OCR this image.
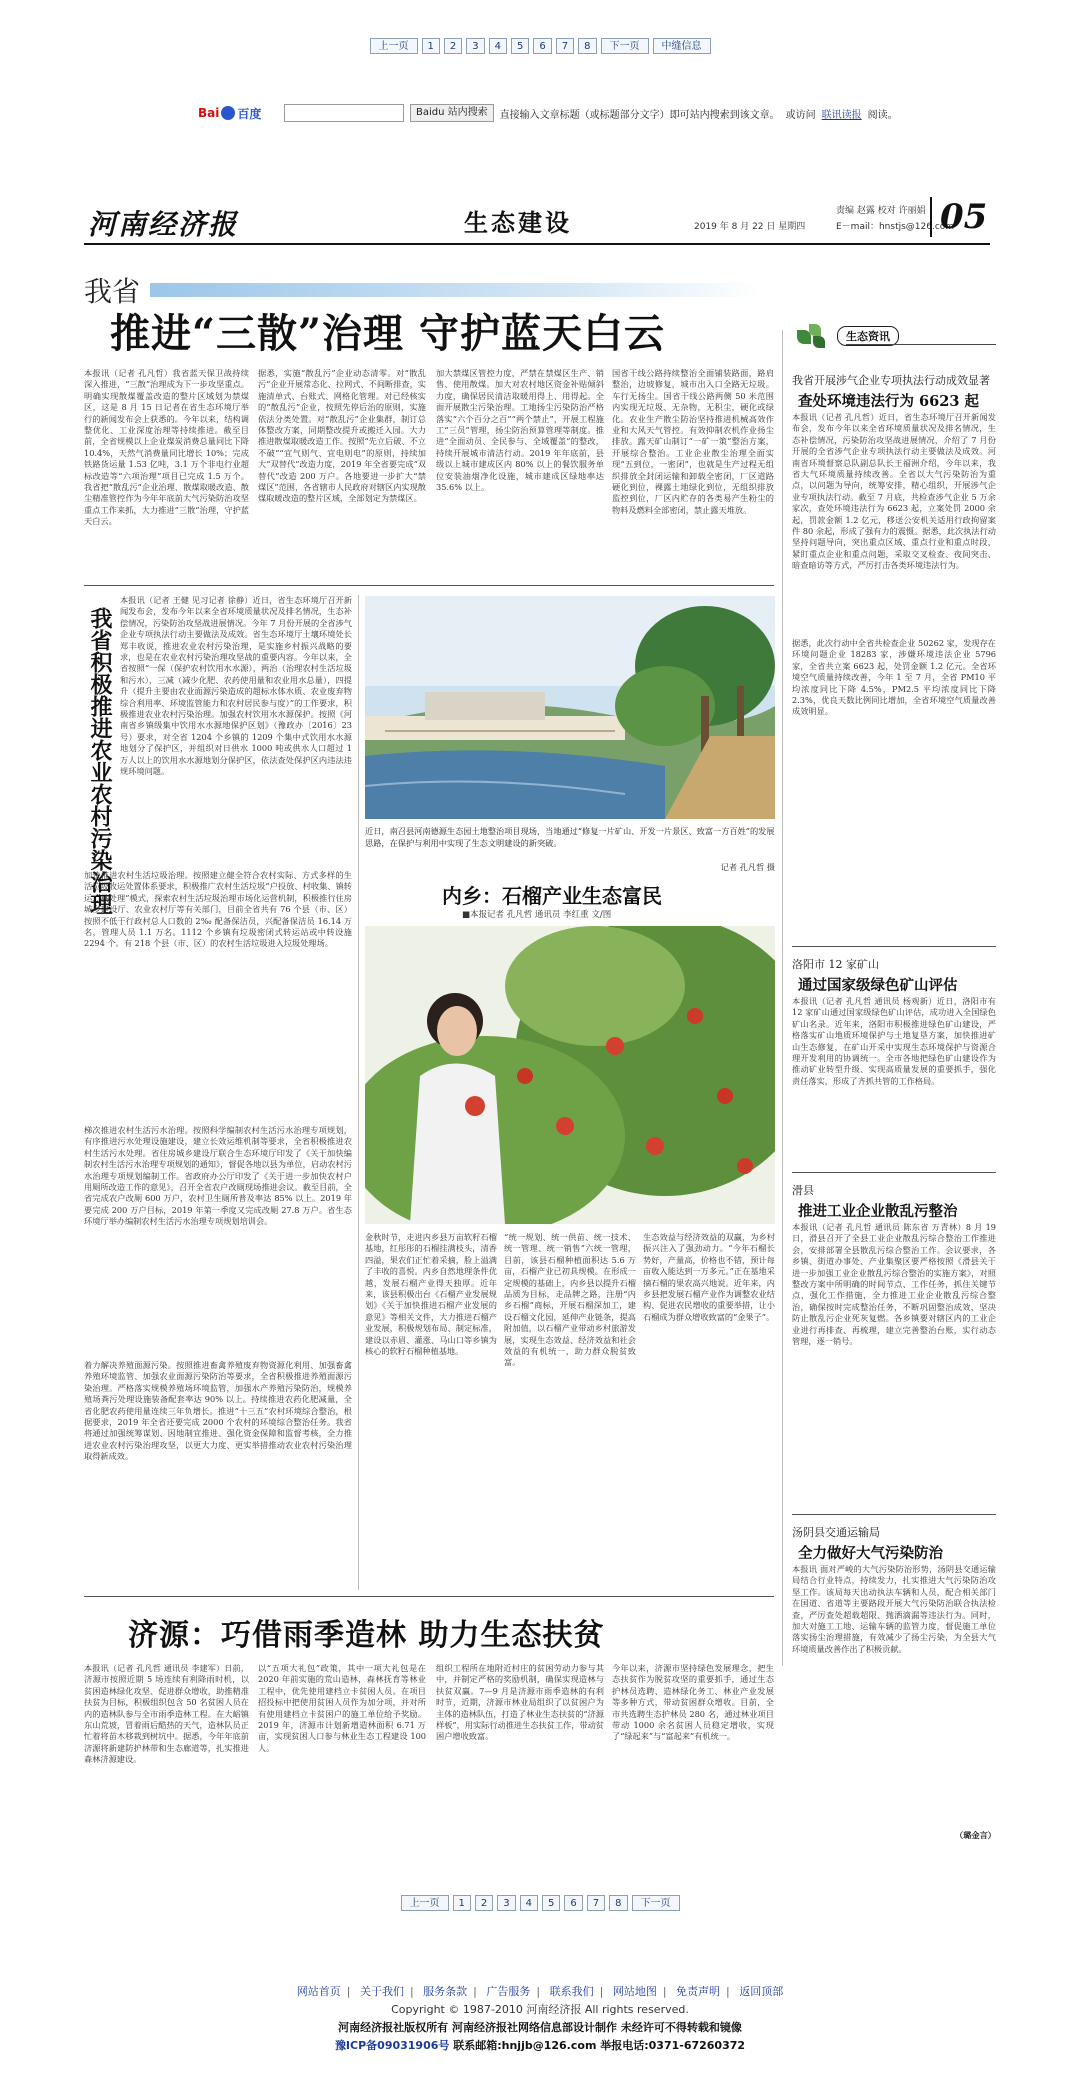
上一页	1	2	3	4	5	6	7	8	下一页	中缝信息
Bai 百度	Baidu 站内搜索	直接输入文章标题（或标题部分文字）即可站内搜索到该文章。 或访问 联讯读报 阅读。
河南经济报	生态建设	2019 年 8 月 22 日 星期四
责编 赵露 校对 许丽娟
E－mail：hnstjs@126.com
05
我省
推进“三散”治理 守护蓝天白云
本报讯（记者 孔凡哲）我省蓝天保卫战持续深入推进，“三散”治理成为下一步攻坚重点。明确实现散煤覆盖改造的整片区域划为禁煤区，这是 8 月 15 日记者在省生态环境厅举行的新闻发布会上获悉的。今年以来，结构调整优化、工业深度治理等持续推进。截至目前，全省规模以上企业煤炭消费总量同比下降 10.4%，天然气消费量同比增长 10%；完成铁路货运量 1.53 亿吨，3.1 万个非电行业超标改造等“六项治理”项目已完成 1.5 万个。我省把“散乱污”企业治理、散煤取暖改造、散尘精准管控作为今年年底前大气污染防治攻坚重点工作来抓，大力推进“三散”治理，守护蓝天白云。
据悉，实施“散乱污”企业动态清零。对“散乱污”企业开展常态化、拉网式、不间断排查，实施清单式、台账式、网格化管理。对已经核实的“散乱污”企业，按照先停后治的原则，实施依法分类处置。对“散乱污”企业集群，制订总体整改方案，同期整改提升或搬迁入园。大力推进散煤取暖改造工作。按照“先立后破、不立不破”“宜气则气、宜电则电”的原则，持续加大“双替代”改造力度，2019 年全省要完成“双替代”改造 200 万户。各地要进一步扩大“禁煤区”范围，各省辖市人民政府对辖区内实现散煤取暖改造的整片区域，全部划定为禁煤区。
加大禁煤区管控力度，严禁在禁煤区生产、销售、使用散煤。加大对农村地区资金补贴倾斜力度，确保居民清洁取暖用得上、用得起。全面开展散尘污染治理。工地扬尘污染防治严格落实“六个百分之百”“两个禁止”，开展工程施工“三员”管理，扬尘防治预算管理等制度。推进“全面动员、全民参与、全域覆盖”的整改，持续开展城市清洁行动。2019 年年底前，县级以上城市建成区内 80% 以上的餐饮服务单位安装油烟净化设施，城市建成区绿地率达 35.6% 以上。
国省干线公路持续整治全面铺装路面，路肩整治，边坡修复，城市出入口全路无垃圾。车行无扬尘。国省干线公路两侧 50 米范围内实现无垃圾、无杂物，无积尘，硬化或绿化。农业生产散尘防治坚持推进机械高效作业和大风天气管控。有效抑制农机作业扬尘排放。露天矿山制订“一矿一策”整治方案，开展综合整治。工业企业散尘治理全面实现“五到位，一密闭”，也就是生产过程无组织排放全封闭运输和卸载全密闭，厂区道路硬化到位，裸露土地绿化到位，无组织排放监控到位，厂区内贮存的各类易产生粉尘的物料及燃料全部密闭，禁止露天堆放。
我省积极推进农业农村污染治理
本报讯（记者 王健 见习记者 徐静）近日，省生态环境厅召开新闻发布会，发布今年以来全省环境质量状况及排名情况，生态补偿情况，污染防治攻坚战进展情况。今年 7 月份开展的全省涉气企业专项执法行动主要做法及成效。省生态环境厅土壤环境处长郑丰收说，推进农业农村污染治理，是实施乡村振兴战略的要求，也是在农业农村污染治理攻坚战的重要内容。今年以来，全省按照“一保（保护农村饮用水水源），两治（治理农村生活垃圾和污水），三减（减少化肥、农药使用量和农业用水总量），四提升（提升主要由农业面源污染造成的超标水体水质、农业废弃物综合利用率、环境监管能力和农村居民参与度）”的工作要求，积极推进农业农村污染治理。加强农村饮用水水源保护。按照《河南省乡镇级集中饮用水水源地保护区划》（豫政办〔2016〕23 号）要求，对全省 1204 个乡镇的 1209 个集中式饮用水水源地划分了保护区，并组织对日供水 1000 吨或供水人口超过 1 万人以上的饮用水水源地划分保护区，依法查处保护区内违法违规环境问题。
加快推进农村生活垃圾治理。按照建立健全符合农村实际、方式多样的生活垃圾收运处置体系要求，积极推广农村生活垃圾“户投放、村收集、镇转运、县处理”模式，探索农村生活垃圾治理市场化运营机制，积极推行住房城乡建设厅、农业农村厅等有关部门，目前全省共有 76 个县（市、区）按照不低于行政村总人口数的 2‰ 配备保洁员，兴配备保洁员 16.14 万名，管理人员 1.1 万名。1112 个乡镇有垃圾密闭式转运站或中转设施 2294 个。有 218 个县（市、区）的农村生活垃圾进入垃圾处理场。
梯次推进农村生活污水治理。按照科学编制农村生活污水治理专项规划，有序推进污水处理设施建设，建立长效运维机制等要求，全省积极推进农村生活污水处理。省住房城乡建设厅联合生态环境厅印发了《关于加快编制农村生活污水治理专项规划的通知》，督促各地以县为单位，启动农村污水治理专项规划编制工作。省政府办公厅印发了《关于进一步加快农村户用厕所改造工作的意见》，召开全省农户改厕现场推进会议。截至目前，全省完成农户改厕 600 万户，农村卫生厕所普及率达 85% 以上。2019 年要完成 200 万户目标，2019 年第一季度又完成改厕 27.8 万户。省生态环境厅举办编制农村生活污水治理专项规划培训会。
着力解决养殖面源污染。按照推进畜禽养殖废弃物资源化利用、加强畜禽养殖环境监管、加强农业面源污染防治等要求，全省积极推进养殖面源污染治理。严格落实规模养殖场环境监管，加强水产养殖污染防治，规模养殖场粪污处理设施装备配套率达 90% 以上。持续推进农药化肥减量，全省化肥农药使用量连续三年负增长。推进“十三五”农村环境综合整治，根据要求，2019 年全省还要完成 2000 个农村的环境综合整治任务。我省将通过加强统筹谋划、因地制宜推进、强化资金保障和监督考核，全力推进农业农村污染治理攻坚，以更大力度、更实举措推动农业农村污染治理取得新成效。
近日，南召县河南德源生态园土地整治项目现场，当地通过“修复一片矿山、开发一片景区、致富一方百姓”的发展思路，在保护与利用中实现了生态文明建设的新突破。
记者 孔凡哲 摄
内乡：石榴产业生态富民
■本报记者 孔凡哲 通讯员 李红重 文/图
金秋时节，走进内乡县万亩软籽石榴基地，红彤彤的石榴挂满枝头，清香四溢，果农们正忙着采摘，脸上溢满了丰收的喜悦。内乡自然地理条件优越，发展石榴产业得天独厚。近年来，该县积极出台《石榴产业发展规划》《关于加快推进石榴产业发展的意见》等相关文件，大力推进石榴产业发展，积极规划布局、制定标准，建设以赤眉、灌涨、马山口等乡镇为核心的软籽石榴种植基地。
“统一规划、统一供苗、统一技术、统一管理、统一销售”六统一管理，目前，该县石榴种植面积达 5.6 万亩，石榴产业已初具规模。在形成一定规模的基础上，内乡县以提升石榴品质为目标，走品牌之路，注册“内乡石榴”商标，开展石榴深加工，建设石榴文化园，延伸产业链条，提高附加值，以石榴产业带动乡村旅游发展，实现生态效益、经济效益和社会效益的有机统一，助力群众脱贫致富。
生态效益与经济效益的双赢，为乡村振兴注入了强劲动力。“今年石榴长势好，产量高，价格也不错，预计每亩收入能达到一万多元。”正在基地采摘石榴的果农高兴地说。近年来，内乡县把发展石榴产业作为调整农业结构、促进农民增收的重要举措，让小石榴成为群众增收致富的“金果子”。
济源：巧借雨季造林 助力生态扶贫
本报讯（记者 孔凡哲 通讯员 李建军）日前，济源市按照近期 5 场连续有利降雨时机，以贫困造林绿化攻坚、促进群众增收，助推精准扶贫为目标，积极组织包含 50 名贫困人员在内的造林队参与全市雨季造林工程。在大峪镇东山荒坡，冒着雨后酷热的天气，造林队员正忙着将苗木移栽到树坑中。据悉，今年年底前济源将新建防护林带和生态廊道等，扎实推进森林济源建设。
以“五项大礼包”政策，其中一项大礼包是在 2020 年前实施的荒山造林，森林抚育等林业工程中，优先使用建档立卡贫困人员。在项目招投标中把使用贫困人员作为加分项，并对所有使用建档立卡贫困户的施工单位给予奖励。2019 年，济源市计划新增造林面积 6.71 万亩，实现贫困人口参与林业生态工程建设 100 人。
组织工程所在地附近村庄的贫困劳动力参与其中，并制定严格的奖励机制，确保实现造林与扶贫双赢。7—9 月是济源市雨季造林的有利时节，近期，济源市林业局组织了以贫困户为主体的造林队伍，打造了林业生态扶贫的“济源样板”，用实际行动推进生态扶贫工作，带动贫困户增收致富。
今年以来，济源市坚持绿色发展理念，把生态扶贫作为脱贫攻坚的重要抓手，通过生态护林员选聘、造林绿化务工、林业产业发展等多种方式，带动贫困群众增收。目前，全市共选聘生态护林员 280 名，通过林业项目带动 1000 余名贫困人员稳定增收，实现了“绿起来”与“富起来”有机统一。
生态资讯
我省开展涉气企业专项执法行动成效显著
查处环境违法行为 6623 起
本报讯（记者 孔凡哲）近日，省生态环境厅召开新闻发布会，发布今年以来全省环境质量状况及排名情况，生态补偿情况，污染防治攻坚战进展情况，介绍了 7 月份开展的全省涉气企业专项执法行动主要做法及成效。河南省环境督察总队副总队长王福洲介绍，今年以来，我省大气环境质量持续改善。全省以大气污染防治为重点，以问题为导向，统筹安排，精心组织，开展涉气企业专项执法行动。截至 7 月底，共检查涉气企业 5 万余家次，查处环境违法行为 6623 起，立案处罚 2000 余起，罚款金额 1.2 亿元，移送公安机关适用行政拘留案件 80 余起，形成了强有力的震慑。据悉，此次执法行动坚持问题导向，突出重点区域、重点行业和重点时段，紧盯重点企业和重点问题，采取交叉检查、夜间突击、暗查暗访等方式，严厉打击各类环境违法行为。
据悉，此次行动中全省共检查企业 50262 家，发现存在环境问题企业 18283 家，涉嫌环境违法企业 5796 家，全省共立案 6623 起，处罚金额 1.2 亿元。全省环境空气质量持续改善，今年 1 至 7 月，全省 PM10 平均浓度同比下降 4.5%，PM2.5 平均浓度同比下降 2.3%，优良天数比例同比增加，全省环境空气质量改善成效明显。
洛阳市 12 家矿山
通过国家级绿色矿山评估
本报讯（记者 孔凡哲 通讯员 杨观新）近日，洛阳市有 12 家矿山通过国家级绿色矿山评估，成功进入全国绿色矿山名录。近年来，洛阳市积极推进绿色矿山建设，严格落实矿山地质环境保护与土地复垦方案，加快推进矿山生态修复，在矿山开采中实现生态环境保护与资源合理开发利用的协调统一。全市各地把绿色矿山建设作为推动矿业转型升级、实现高质量发展的重要抓手，强化责任落实，形成了齐抓共管的工作格局。
滑县
推进工业企业散乱污整治
本报讯（记者 孔凡哲 通讯员 陈东省 万青林）8 月 19 日，滑县召开了全县工业企业散乱污综合整治工作推进会，安排部署全县散乱污综合整治工作。会议要求，各乡镇、街道办事处、产业集聚区要严格按照《滑县关于进一步加强工业企业散乱污综合整治的实施方案》，对照整改方案中所明确的时间节点、工作任务，抓住关键节点，强化工作措施，全力推进工业企业散乱污综合整治，确保按时完成整治任务，不断巩固整治成效，坚决防止散乱污企业死灰复燃。各乡镇要对辖区内的工业企业进行再排查、再梳理，建立完善整治台账，实行动态管理，逐一销号。
汤阴县交通运输局
全力做好大气污染防治
本报讯 面对严峻的大气污染防治形势，汤阴县交通运输局结合行业特点，持续发力，扎实推进大气污染防治攻坚工作。该局每天出动执法车辆和人员，配合相关部门在国道、省道等主要路段开展大气污染防治联合执法检查，严厉查处超载超限、抛洒滴漏等违法行为。同时，加大对施工工地、运输车辆的监管力度，督促施工单位落实扬尘治理措施，有效减少了扬尘污染，为全县大气环境质量改善作出了积极贡献。
（璐金言）
上一页	1	2	3	4	5	6	7	8	下一页
网站首页 | 关于我们 | 服务条款 | 广告服务 | 联系我们 | 网站地图 | 免责声明 | 返回顶部
Copyright © 1987-2010 河南经济报 All rights reserved.
河南经济报社版权所有 河南经济报社网络信息部设计制作 未经许可不得转载和镜像
豫ICP备09031906号 联系邮箱:hnjjb@126.com 举报电话:0371-67260372
